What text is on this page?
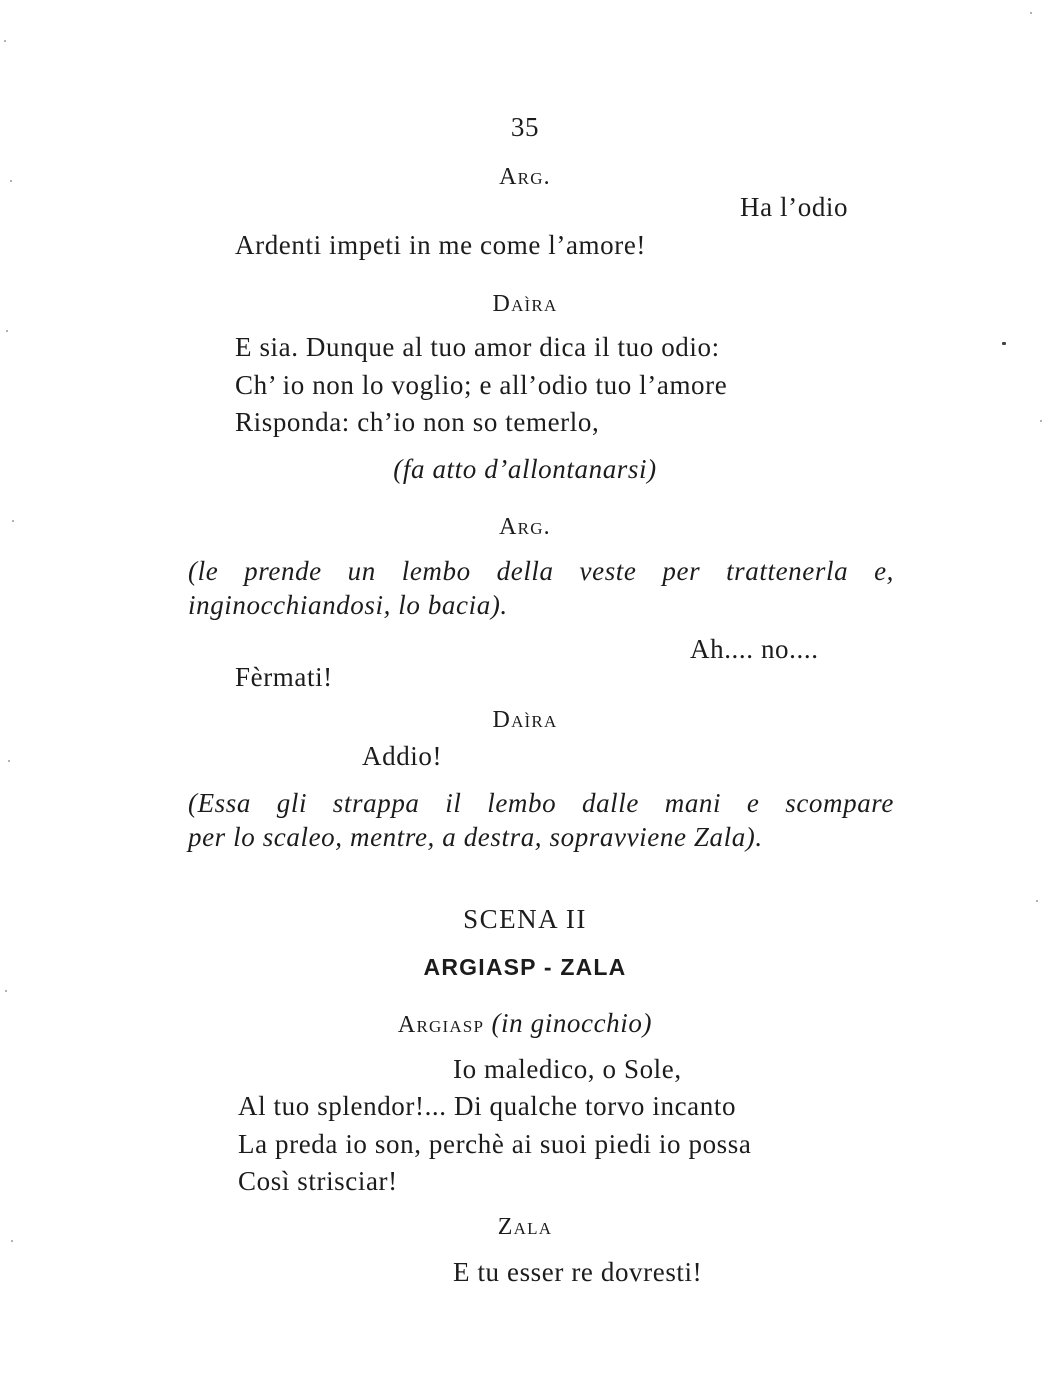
35
Arg.
Ha l’odio
Ardenti impeti in me come l’amore!
Daìra
E sia. Dunque al tuo amor dica il tuo odio:
Ch’ io non lo voglio; e all’odio tuo l’amore
Risponda: ch’io non so temerlo,
(fa atto d’allontanarsi)
Arg.
(le prende un lembo della veste per trattenerla e,
inginocchiandosi, lo bacia).
Ah.... no....
Fèrmati!
Daìra
Addio!
(Essa gli strappa il lembo dalle mani e scompare
per lo scaleo, mentre, a destra, sopravviene Zala).
SCENA II
ARGIASP - ZALA
Argiasp (in ginocchio)
Io maledico, o Sole,
Al tuo splendor!... Di qualche torvo incanto
La preda io son, perchè ai suoi piedi io possa
Così strisciar!
Zala
E tu esser re dovresti!
